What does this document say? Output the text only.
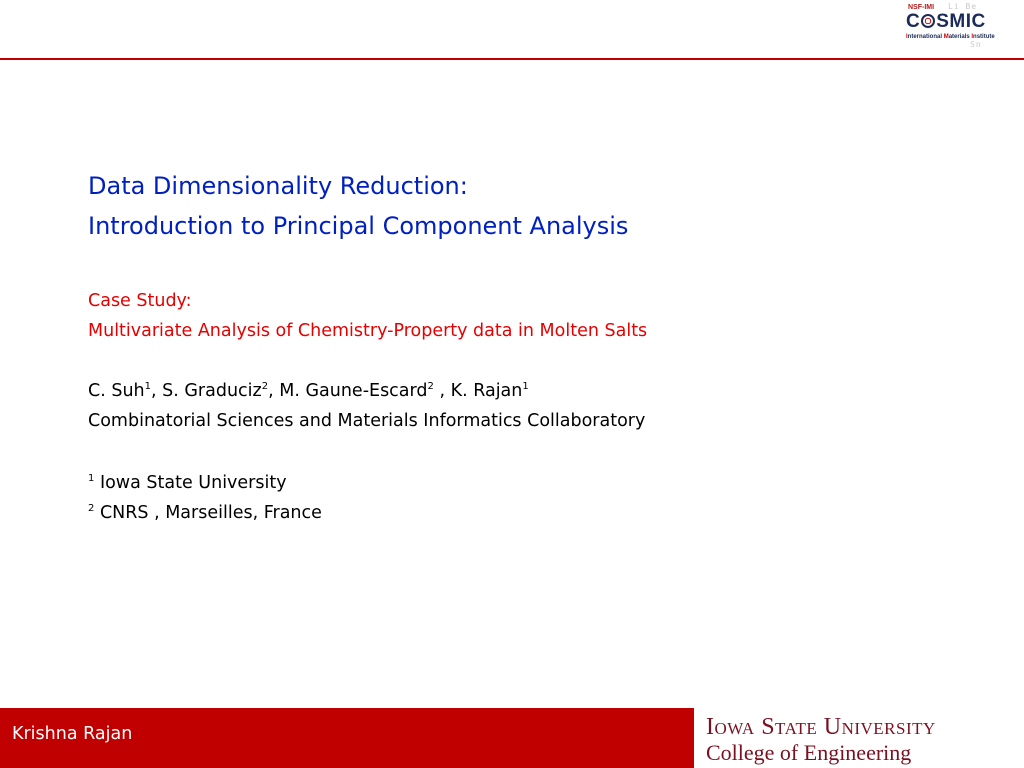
Li Be
Sn
NSF-IMI
C SMIC
International Materials Institute

Data Dimensionality Reduction:

Introduction to Principal Component Analysis

Case Study:

Multivariate Analysis of Chemistry-Property data in Molten Salts

C. Suh$^1$, S. Graduciz$^2$, M. Gaune-Escard$^2$ , K. Rajan$^1$

Combinatorial Sciences and Materials Informatics Collaboratory

$^1$ Iowa State University

$^2$ CNRS , Marseilles, France

Krishna Rajan	Iowa State University
College of Engineering
